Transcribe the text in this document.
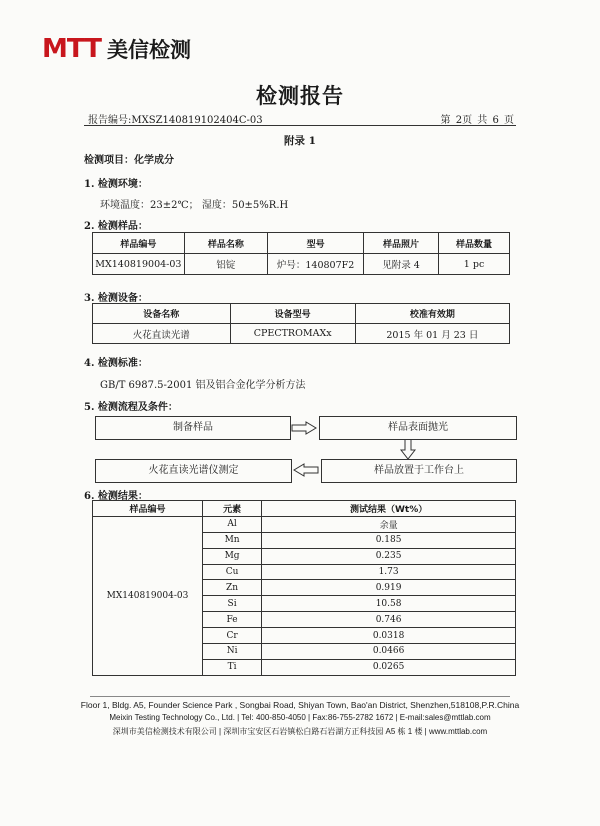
MTT 美信检测
检测报告
报告编号:MXSZ140819102404C-03	第 2页 共 6 页
附录 1
检测项目：化学成分
1. 检测环境：
环境温度：23±2℃； 湿度：50±5%R.H
2. 检测样品：
样品编号	样品名称	型号	样品照片	样品数量
MX140819004-03	铝锭	炉号：140807F2	见附录 4	1 pc
3. 检测设备：
设备名称	设备型号	校准有效期
火花直读光谱	CPECTROMAXx	2015 年 01 月 23 日
4. 检测标准：
GB/T 6987.5-2001 铝及铝合金化学分析方法
5. 检测流程及条件：
制备样品	样品表面抛光
样品放置于工作台上
火花直读光谱仪测定
6. 检测结果：
样品编号	元素	测试结果（Wt%）
MX140819004-03	Al	余量
	Mn	0.185
	Mg	0.235
	Cu	1.73
	Zn	0.919
	Si	10.58
	Fe	0.746
	Cr	0.0318
	Ni	0.0466
	Ti	0.0265
Floor 1, Bldg. A5, Founder Science Park , Songbai Road, Shiyan Town, Bao'an District, Shenzhen,518108,P.R.China
Meixin Testing Technology Co., Ltd. | Tel: 400-850-4050 | Fax:86-755-2782 1672 | E-mail:sales@mttlab.com
深圳市美信检测技术有限公司 | 深圳市宝安区石岩镇松白路石岩湖方正科技园 A5 栋 1 楼 | www.mttlab.com
